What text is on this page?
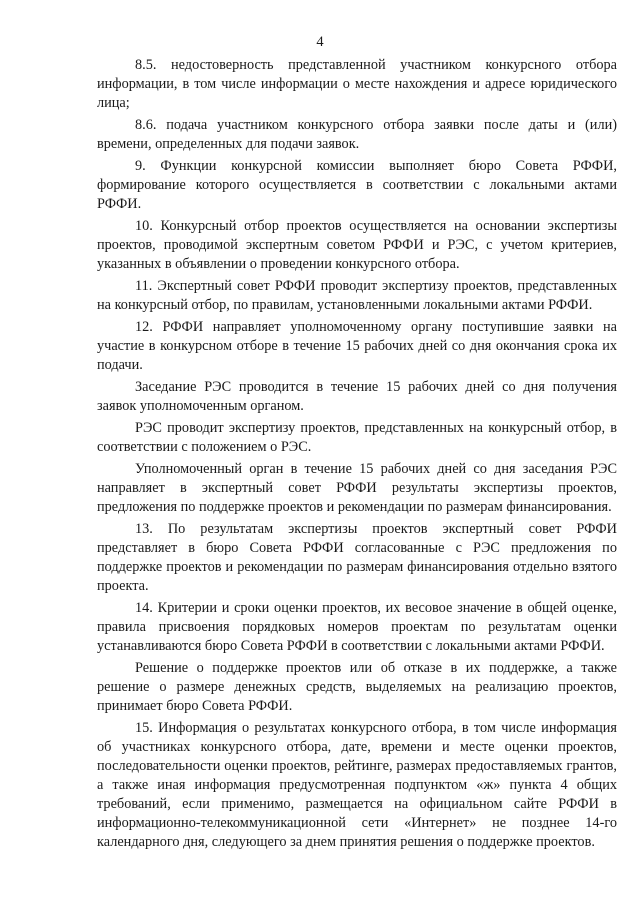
4

8.5. недостоверность представленной участником конкурсного отбора информации, в том числе информации о месте нахождения и адресе юридического лица;

8.6. подача участником конкурсного отбора заявки после даты и (или) времени, определенных для подачи заявок.

9. Функции конкурсной комиссии выполняет бюро Совета РФФИ, формирование которого осуществляется в соответствии с локальными актами РФФИ.

10. Конкурсный отбор проектов осуществляется на основании экспертизы проектов, проводимой экспертным советом РФФИ и РЭС, с учетом критериев, указанных в объявлении о проведении конкурсного отбора.

11. Экспертный совет РФФИ проводит экспертизу проектов, представленных на конкурсный отбор, по правилам, установленными локальными актами РФФИ.

12. РФФИ направляет уполномоченному органу поступившие заявки на участие в конкурсном отборе в течение 15 рабочих дней со дня окончания срока их подачи.

Заседание РЭС проводится в течение 15 рабочих дней со дня получения заявок уполномоченным органом.

РЭС проводит экспертизу проектов, представленных на конкурсный отбор, в соответствии с положением о РЭС.

Уполномоченный орган в течение 15 рабочих дней со дня заседания РЭС направляет в экспертный совет РФФИ результаты экспертизы проектов, предложения по поддержке проектов и рекомендации по размерам финансирования.

13. По результатам экспертизы проектов экспертный совет РФФИ представляет в бюро Совета РФФИ согласованные с РЭС предложения по поддержке проектов и рекомендации по размерам финансирования отдельно взятого проекта.

14. Критерии и сроки оценки проектов, их весовое значение в общей оценке, правила присвоения порядковых номеров проектам по результатам оценки устанавливаются бюро Совета РФФИ в соответствии с локальными актами РФФИ.

Решение о поддержке проектов или об отказе в их поддержке, а также решение о размере денежных средств, выделяемых на реализацию проектов, принимает бюро Совета РФФИ.

15. Информация о результатах конкурсного отбора, в том числе информация об участниках конкурсного отбора, дате, времени и месте оценки проектов, последовательности оценки проектов, рейтинге, размерах предоставляемых грантов, а также иная информация предусмотренная подпунктом «ж» пункта 4 общих требований, если применимо, размещается на официальном сайте РФФИ в информационно-телекоммуникационной сети «Интернет» не позднее 14-го календарного дня, следующего за днем принятия решения о поддержке проектов.
